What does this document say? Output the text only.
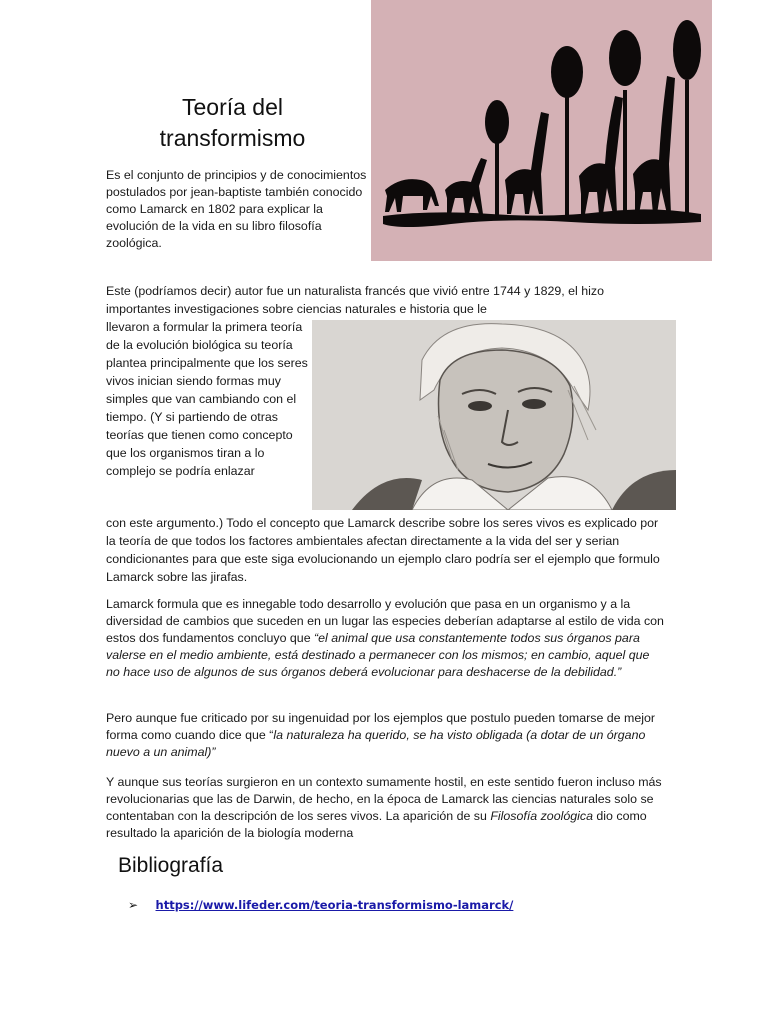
Teoría del transformismo
Es el conjunto de principios y de conocimientos postulados por jean-baptiste también conocido como Lamarck en 1802 para explicar la evolución de la vida en su libro filosofía zoológica.
Este (podríamos decir) autor fue un naturalista francés que vivió entre 1744 y 1829, el hizo importantes investigaciones sobre ciencias naturales e historia que le
llevaron a formular la primera teoría de la evolución biológica su teoría plantea principalmente que los seres vivos inician siendo formas muy simples que van cambiando con el tiempo. (Y si partiendo de otras teorías que tienen como concepto que los organismos tiran a lo complejo se podría enlazar
con este argumento.) Todo el concepto que Lamarck describe sobre los seres vivos es explicado por la teoría de que todos los factores ambientales afectan directamente a la vida del ser y serian condicionantes para que este siga evolucionando un ejemplo claro podría ser el ejemplo que formulo Lamarck sobre las jirafas.
Lamarck formula que es innegable todo desarrollo y evolución que pasa en un organismo y a la diversidad de cambios que suceden en un lugar las especies deberían adaptarse al estilo de vida con estos dos fundamentos concluyo que “el animal que usa constantemente todos sus órganos para valerse en el medio ambiente, está destinado a permanecer con los mismos; en cambio, aquel que no hace uso de algunos de sus órganos deberá evolucionar para deshacerse de la debilidad.”
Pero aunque fue criticado por su ingenuidad por los ejemplos que postulo pueden tomarse de mejor forma como cuando dice que “la naturaleza ha querido, se ha visto obligada (a dotar de un órgano nuevo a un animal)”
Y aunque sus teorías surgieron en un contexto sumamente hostil, en este sentido fueron incluso más revolucionarias que las de Darwin, de hecho, en la época de Lamarck las ciencias naturales solo se contentaban con la descripción de los seres vivos. La aparición de su Filosofía zoológica dio como resultado la aparición de la biología moderna
Bibliografía
➢ https://www.lifeder.com/teoria-transformismo-lamarck/
